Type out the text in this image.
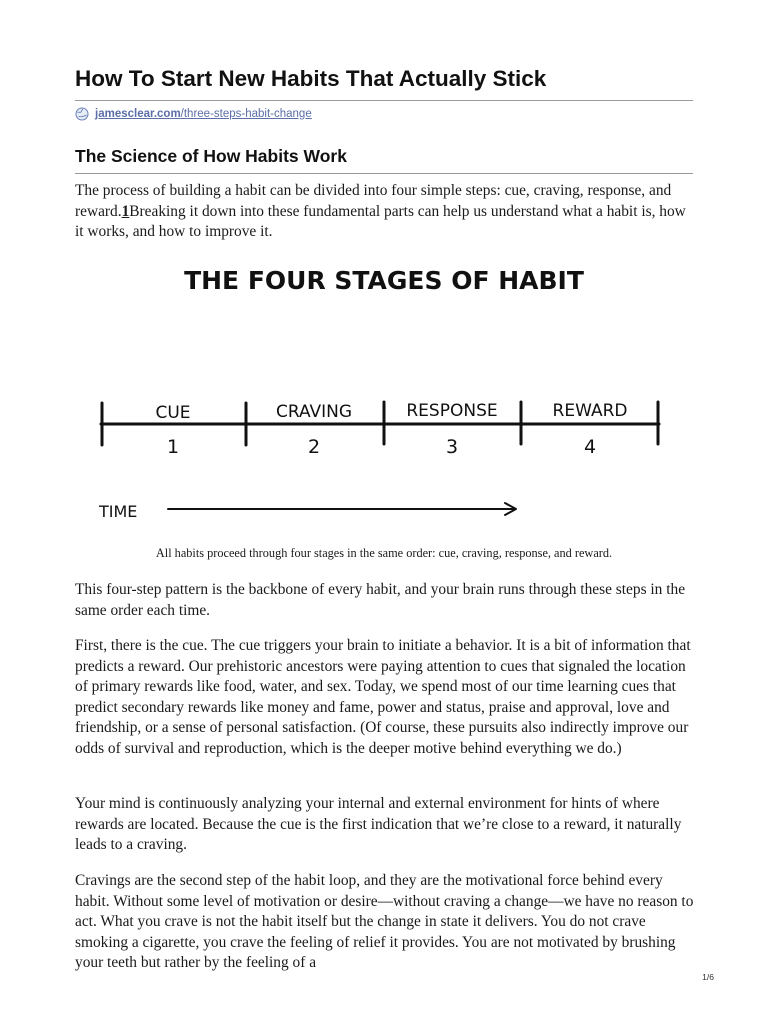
How To Start New Habits That Actually Stick
jamesclear.com/three-steps-habit-change
The Science of How Habits Work

The process of building a habit can be divided into four simple steps: cue, craving, response, and reward.1Breaking it down into these fundamental parts can help us understand what a habit is, how it works, and how to improve it.

THE FOUR STAGES OF HABIT
CUE	CRAVING	RESPONSE	REWARD
1	2	3	4
TIME

All habits proceed through four stages in the same order: cue, craving, response, and reward.

This four-step pattern is the backbone of every habit, and your brain runs through these steps in the same order each time.

First, there is the cue. The cue triggers your brain to initiate a behavior. It is a bit of information that predicts a reward. Our prehistoric ancestors were paying attention to cues that signaled the location of primary rewards like food, water, and sex. Today, we spend most of our time learning cues that predict secondary rewards like money and fame, power and status, praise and approval, love and friendship, or a sense of personal satisfaction. (Of course, these pursuits also indirectly improve our odds of survival and reproduction, which is the deeper motive behind everything we do.)

Your mind is continuously analyzing your internal and external environment for hints of where rewards are located. Because the cue is the first indication that we’re close to a reward, it naturally leads to a craving.

Cravings are the second step of the habit loop, and they are the motivational force behind every habit. Without some level of motivation or desire—without craving a change—we have no reason to act. What you crave is not the habit itself but the change in state it delivers. You do not crave smoking a cigarette, you crave the feeling of relief it provides. You are not motivated by brushing your teeth but rather by the feeling of a

1/6
